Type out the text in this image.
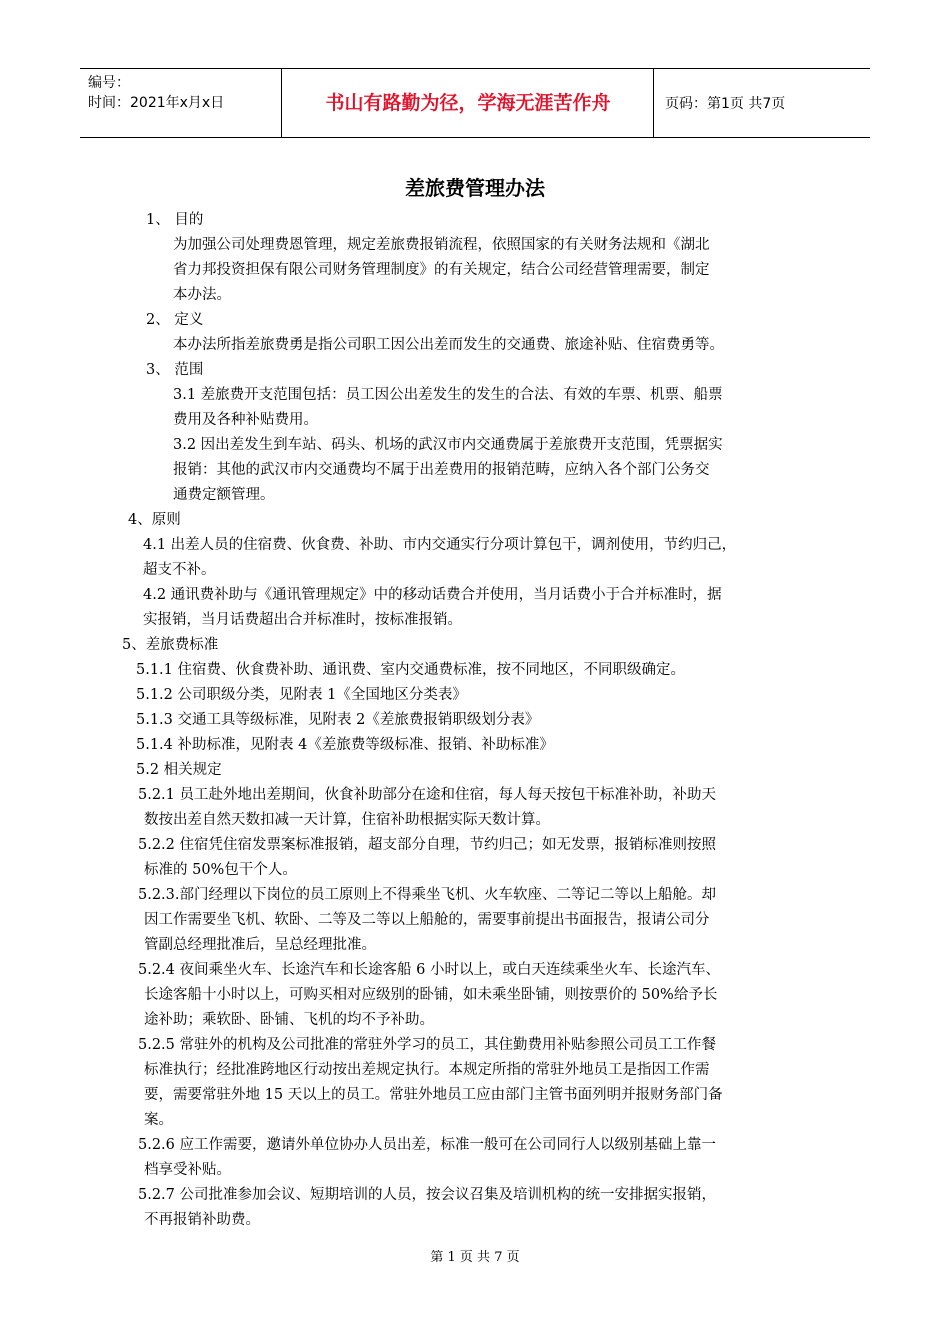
编号：
时间：2021年x月x日	书山有路勤为径，学海无涯苦作舟	页码：第1页 共7页
差旅费管理办法
1、 目的
为加强公司处理费恩管理，规定差旅费报销流程，依照国家的有关财务法规和《湖北
省力邦投资担保有限公司财务管理制度》的有关规定，结合公司经营管理需要，制定
本办法。
2、 定义
本办法所指差旅费勇是指公司职工因公出差而发生的交通费、旅途补贴、住宿费勇等。
3、 范围
3.1 差旅费开支范围包括：员工因公出差发生的发生的合法、有效的车票、机票、船票
费用及各种补贴费用。
3.2 因出差发生到车站、码头、机场的武汉市内交通费属于差旅费开支范围，凭票据实
报销：其他的武汉市内交通费均不属于出差费用的报销范畴，应纳入各个部门公务交
通费定额管理。
4、原则
4.1 出差人员的住宿费、伙食费、补助、市内交通实行分项计算包干，调剂使用，节约归己，
超支不补。
4.2 通讯费补助与《通讯管理规定》中的移动话费合并使用，当月话费小于合并标准时，据
实报销，当月话费超出合并标准时，按标准报销。
5、差旅费标准
5.1.1 住宿费、伙食费补助、通讯费、室内交通费标准，按不同地区，不同职级确定。
5.1.2 公司职级分类，见附表 1《全国地区分类表》
5.1.3 交通工具等级标准，见附表 2《差旅费报销职级划分表》
5.1.4 补助标准，见附表 4《差旅费等级标准、报销、补助标准》
5.2 相关规定
5.2.1 员工赴外地出差期间，伙食补助部分在途和住宿，每人每天按包干标准补助，补助天
数按出差自然天数扣减一天计算，住宿补助根据实际天数计算。
5.2.2 住宿凭住宿发票案标准报销，超支部分自理，节约归己；如无发票，报销标准则按照
标准的 50%包干个人。
5.2.3.部门经理以下岗位的员工原则上不得乘坐飞机、火车软座、二等记二等以上船舱。却
因工作需要坐飞机、软卧、二等及二等以上船舱的，需要事前提出书面报告，报请公司分
管副总经理批准后，呈总经理批准。
5.2.4 夜间乘坐火车、长途汽车和长途客船 6 小时以上，或白天连续乘坐火车、长途汽车、
长途客船十小时以上，可购买相对应级别的卧铺，如未乘坐卧铺，则按票价的 50%给予长
途补助；乘软卧、卧铺、飞机的均不予补助。
5.2.5 常驻外的机构及公司批准的常驻外学习的员工，其住勤费用补贴参照公司员工工作餐
标准执行；经批准跨地区行动按出差规定执行。本规定所指的常驻外地员工是指因工作需
要，需要常驻外地 15 天以上的员工。常驻外地员工应由部门主管书面列明并报财务部门备
案。
5.2.6 应工作需要，邀请外单位协办人员出差，标准一般可在公司同行人以级别基础上靠一
档享受补贴。
5.2.7 公司批准参加会议、短期培训的人员，按会议召集及培训机构的统一安排据实报销，
不再报销补助费。
第 1 页 共 7 页
